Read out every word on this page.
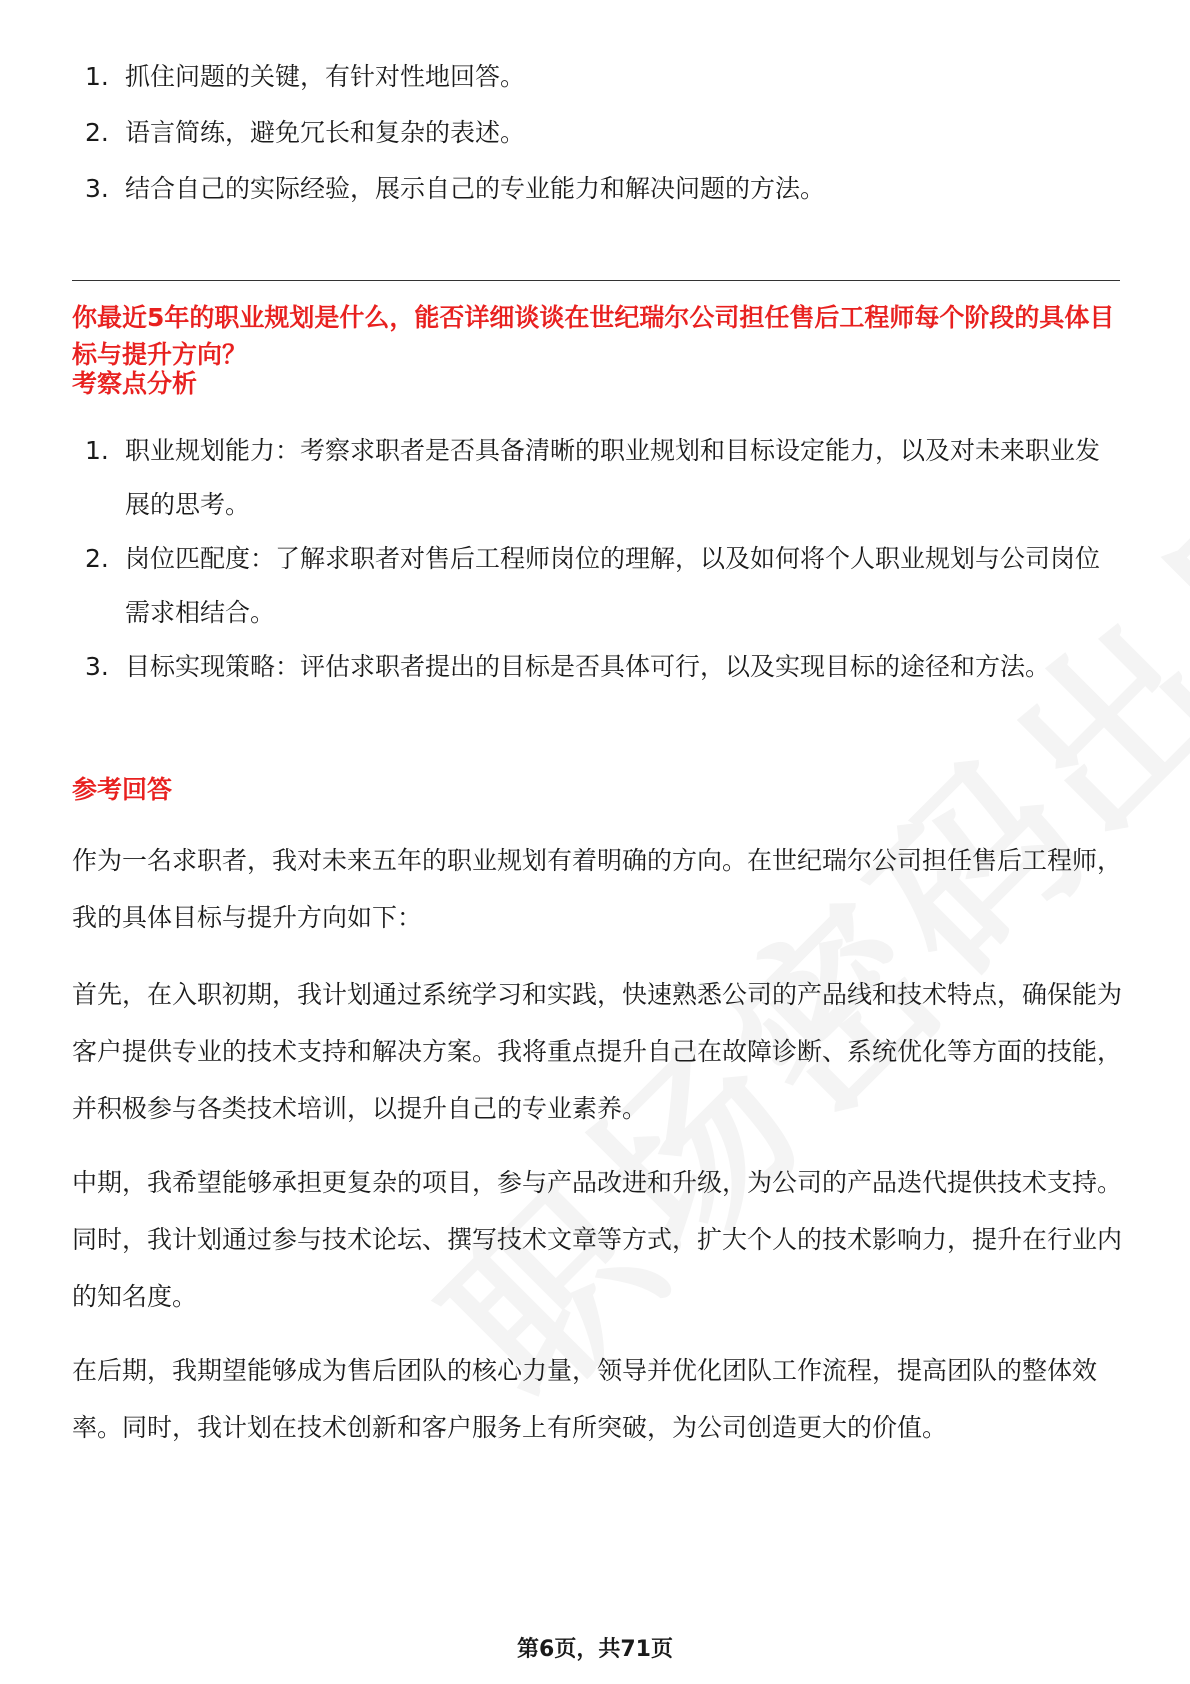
1. 抓住问题的关键，有针对性地回答。
2. 语言简练，避免冗长和复杂的表述。
3. 结合自己的实际经验，展示自己的专业能力和解决问题的方法。

你最近5年的职业规划是什么，能否详细谈谈在世纪瑞尔公司担任售后工程师每个阶段的具体目标与提升方向？

考察点分析
1. 职业规划能力：考察求职者是否具备清晰的职业规划和目标设定能力，以及对未来职业发展的思考。
2. 岗位匹配度：了解求职者对售后工程师岗位的理解，以及如何将个人职业规划与公司岗位需求相结合。
3. 目标实现策略：评估求职者提出的目标是否具体可行，以及实现目标的途径和方法。
参考回答

作为一名求职者，我对未来五年的职业规划有着明确的方向。在世纪瑞尔公司担任售后工程师，我的具体目标与提升方向如下：

首先，在入职初期，我计划通过系统学习和实践，快速熟悉公司的产品线和技术特点，确保能为客户提供专业的技术支持和解决方案。我将重点提升自己在故障诊断、系统优化等方面的技能，并积极参与各类技术培训，以提升自己的专业素养。

中期，我希望能够承担更复杂的项目，参与产品改进和升级，为公司的产品迭代提供技术支持。同时，我计划通过参与技术论坛、撰写技术文章等方式，扩大个人的技术影响力，提升在行业内的知名度。

在后期，我期望能够成为售后团队的核心力量，领导并优化团队工作流程，提高团队的整体效率。同时，我计划在技术创新和客户服务上有所突破，为公司创造更大的价值。

第6页，共71页
